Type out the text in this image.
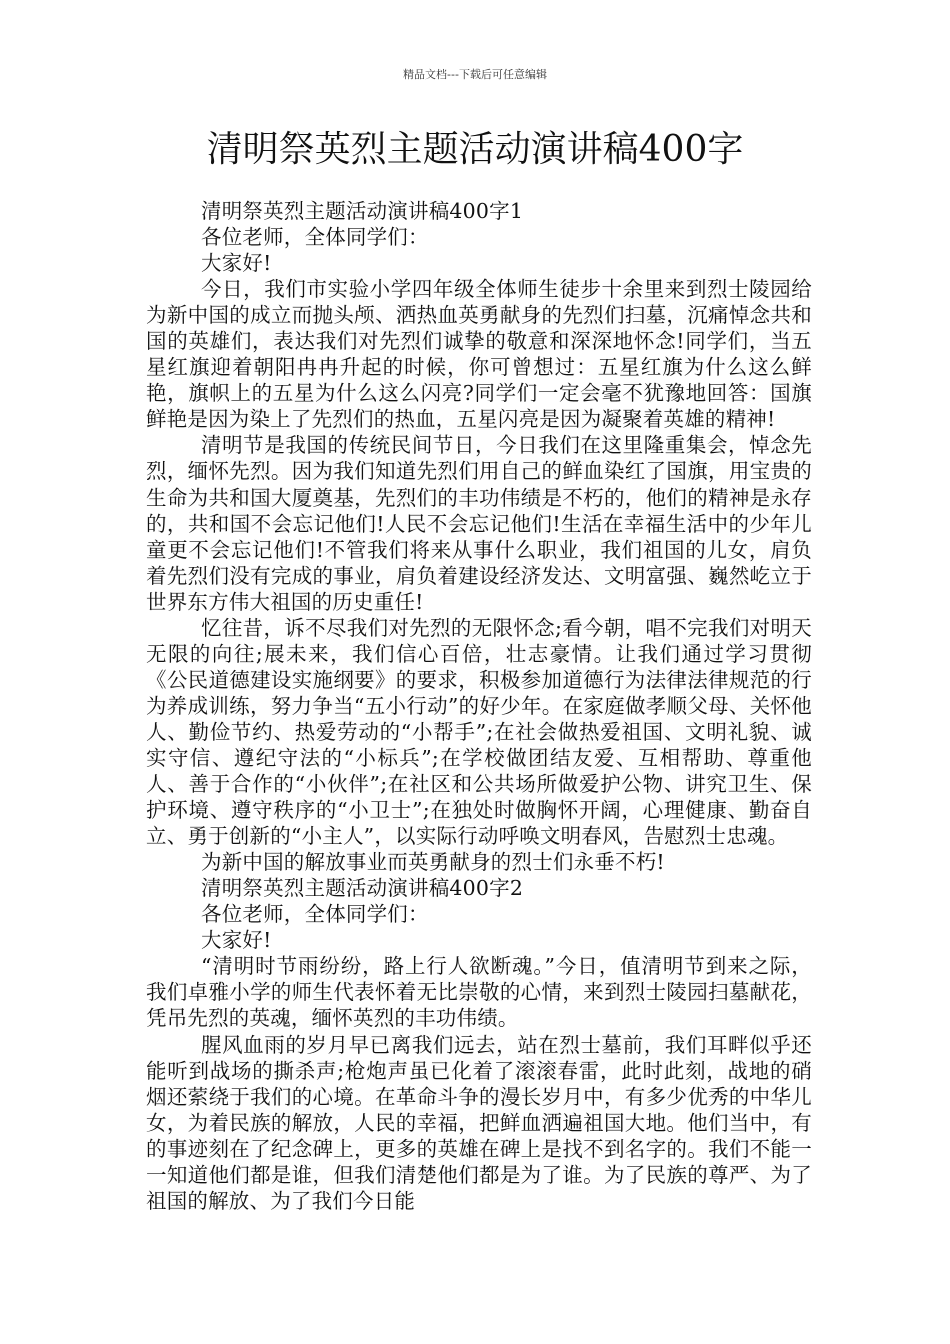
精品文档---下载后可任意编辑
清明祭英烈主题活动演讲稿400字

清明祭英烈主题活动演讲稿400字1

各位老师，全体同学们：

大家好!

今日，我们市实验小学四年级全体师生徒步十余里来到烈士陵园给为新中国的成立而抛头颅、洒热血英勇献身的先烈们扫墓，沉痛悼念共和国的英雄们，表达我们对先烈们诚挚的敬意和深深地怀念!同学们，当五星红旗迎着朝阳冉冉升起的时候，你可曾想过：五星红旗为什么这么鲜艳，旗帜上的五星为什么这么闪亮?同学们一定会毫不犹豫地回答：国旗鲜艳是因为染上了先烈们的热血，五星闪亮是因为凝聚着英雄的精神!

清明节是我国的传统民间节日，今日我们在这里隆重集会，悼念先烈，缅怀先烈。因为我们知道先烈们用自己的鲜血染红了国旗，用宝贵的生命为共和国大厦奠基，先烈们的丰功伟绩是不朽的，他们的精神是永存的，共和国不会忘记他们!人民不会忘记他们!生活在幸福生活中的少年儿童更不会忘记他们!不管我们将来从事什么职业，我们祖国的儿女，肩负着先烈们没有完成的事业，肩负着建设经济发达、文明富强、巍然屹立于世界东方伟大祖国的历史重任!

忆往昔，诉不尽我们对先烈的无限怀念;看今朝，唱不完我们对明天无限的向往;展未来，我们信心百倍，壮志豪情。让我们通过学习贯彻《公民道德建设实施纲要》的要求，积极参加道德行为法律法律规范的行为养成训练，努力争当“五小行动”的好少年。在家庭做孝顺父母、关怀他人、勤俭节约、热爱劳动的“小帮手”;在社会做热爱祖国、文明礼貌、诚实守信、遵纪守法的“小标兵”;在学校做团结友爱、互相帮助、尊重他人、善于合作的“小伙伴”;在社区和公共场所做爱护公物、讲究卫生、保护环境、遵守秩序的“小卫士”;在独处时做胸怀开阔，心理健康、勤奋自立、勇于创新的“小主人”，以实际行动呼唤文明春风，告慰烈士忠魂。

为新中国的解放事业而英勇献身的烈士们永垂不朽!

清明祭英烈主题活动演讲稿400字2

各位老师，全体同学们：

大家好!

“清明时节雨纷纷，路上行人欲断魂。”今日，值清明节到来之际，我们卓雅小学的师生代表怀着无比崇敬的心情，来到烈士陵园扫墓献花，凭吊先烈的英魂，缅怀英烈的丰功伟绩。

腥风血雨的岁月早已离我们远去，站在烈士墓前，我们耳畔似乎还能听到战场的撕杀声;枪炮声虽已化着了滚滚春雷，此时此刻，战地的硝烟还萦绕于我们的心境。在革命斗争的漫长岁月中，有多少优秀的中华儿女，为着民族的解放，人民的幸福，把鲜血洒遍祖国大地。他们当中，有的事迹刻在了纪念碑上，更多的英雄在碑上是找不到名字的。我们不能一一知道他们都是谁，但我们清楚他们都是为了谁。为了民族的尊严、为了祖国的解放、为了我们今日能
